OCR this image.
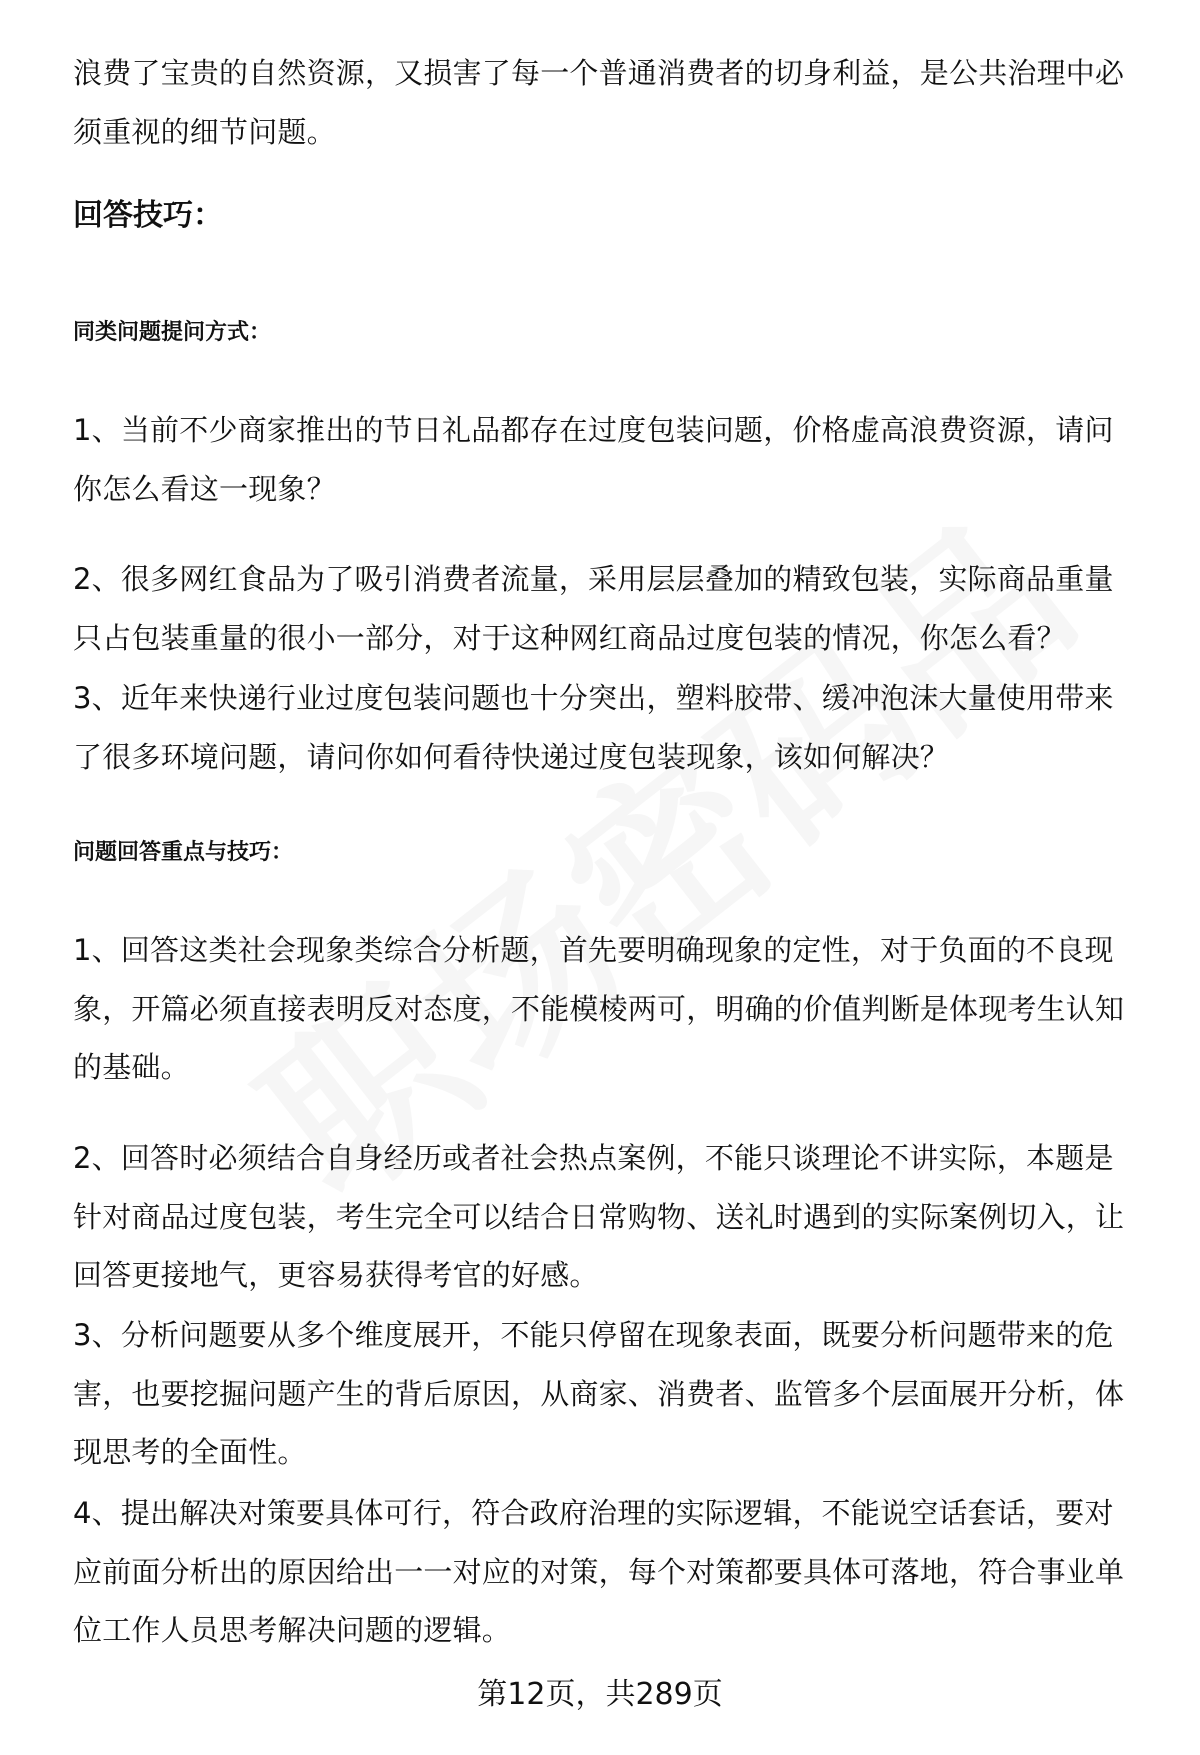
浪费了宝贵的自然资源，又损害了每一个普通消费者的切身利益，是公共治理中必须重视的细节问题。

回答技巧：
同类问题提问方式：

1、当前不少商家推出的节日礼品都存在过度包装问题，价格虚高浪费资源，请问你怎么看这一现象？

2、很多网红食品为了吸引消费者流量，采用层层叠加的精致包装，实际商品重量只占包装重量的很小一部分，对于这种网红商品过度包装的情况，你怎么看？

3、近年来快递行业过度包装问题也十分突出，塑料胶带、缓冲泡沫大量使用带来了很多环境问题，请问你如何看待快递过度包装现象，该如何解决？

问题回答重点与技巧：

1、回答这类社会现象类综合分析题，首先要明确现象的定性，对于负面的不良现象，开篇必须直接表明反对态度，不能模棱两可，明确的价值判断是体现考生认知的基础。

2、回答时必须结合自身经历或者社会热点案例，不能只谈理论不讲实际，本题是针对商品过度包装，考生完全可以结合日常购物、送礼时遇到的实际案例切入，让回答更接地气，更容易获得考官的好感。

3、分析问题要从多个维度展开，不能只停留在现象表面，既要分析问题带来的危害，也要挖掘问题产生的背后原因，从商家、消费者、监管多个层面展开分析，体现思考的全面性。

4、提出解决对策要具体可行，符合政府治理的实际逻辑，不能说空话套话，要对应前面分析出的原因给出一一对应的对策，每个对策都要具体可落地，符合事业单位工作人员思考解决问题的逻辑。

第12页，共289页
